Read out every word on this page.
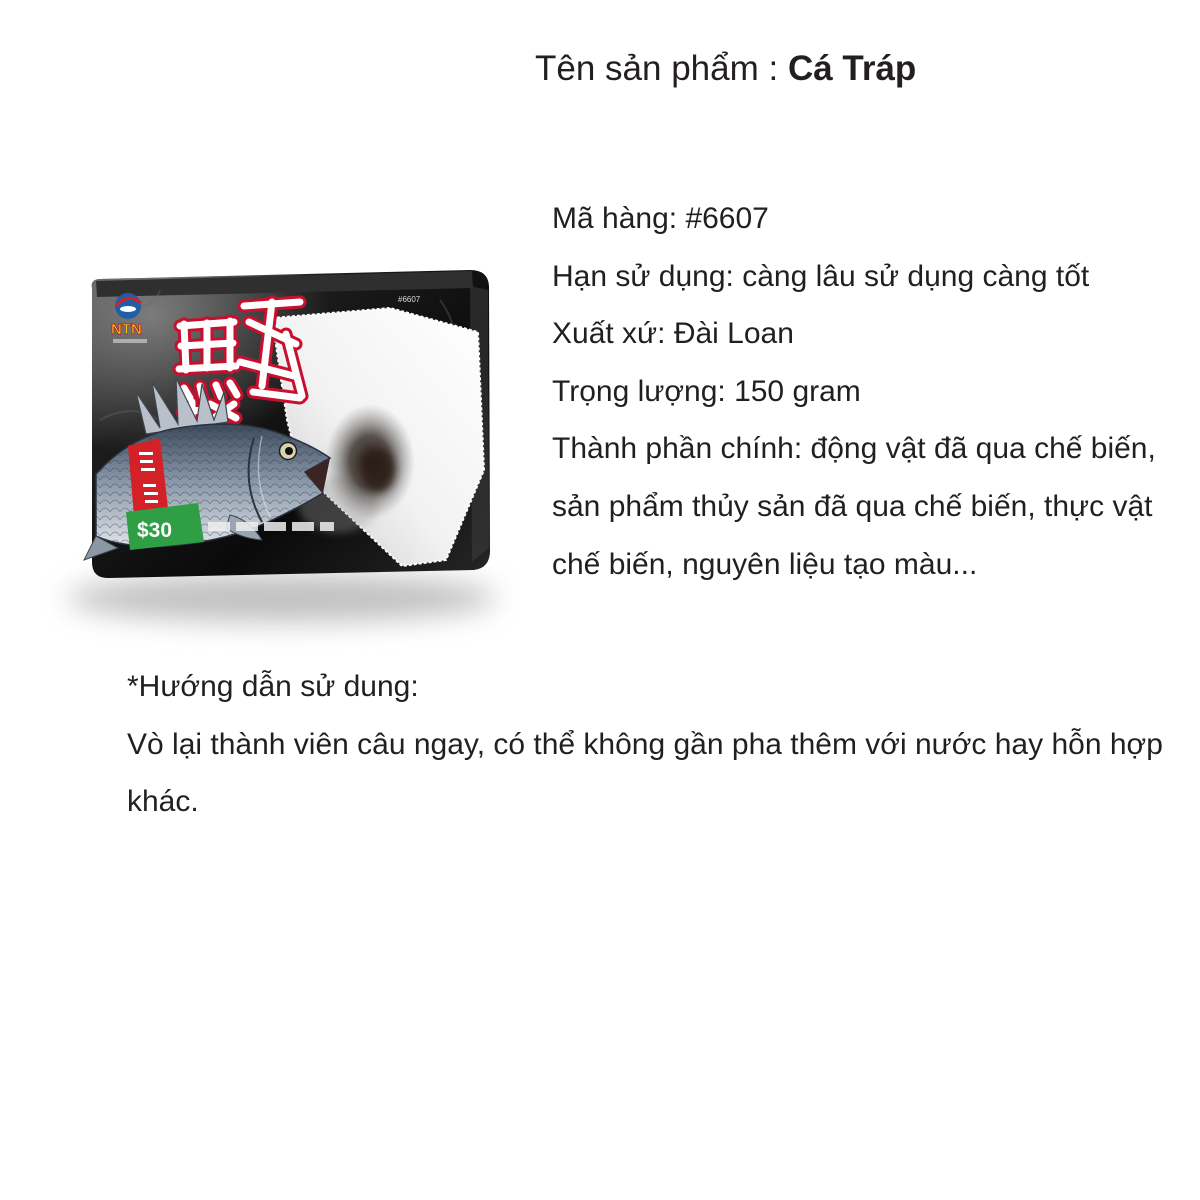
Tên sản phẩm : Cá Tráp
Mã hàng: #6607
Hạn sử dụng: càng lâu sử dụng càng tốt
Xuất xứ: Đài Loan
Trọng lượng: 150 gram
Thành phần chính: động vật đã qua chế biến, sản phẩm thủy sản đã qua chế biến, thực vật chế biến, nguyên liệu tạo màu...

*Hướng dẫn sử dung:

Vò lại thành viên câu ngay, có thể không gần pha thêm với nước hay hỗn hợp khác.

$30
NTN
#6607
